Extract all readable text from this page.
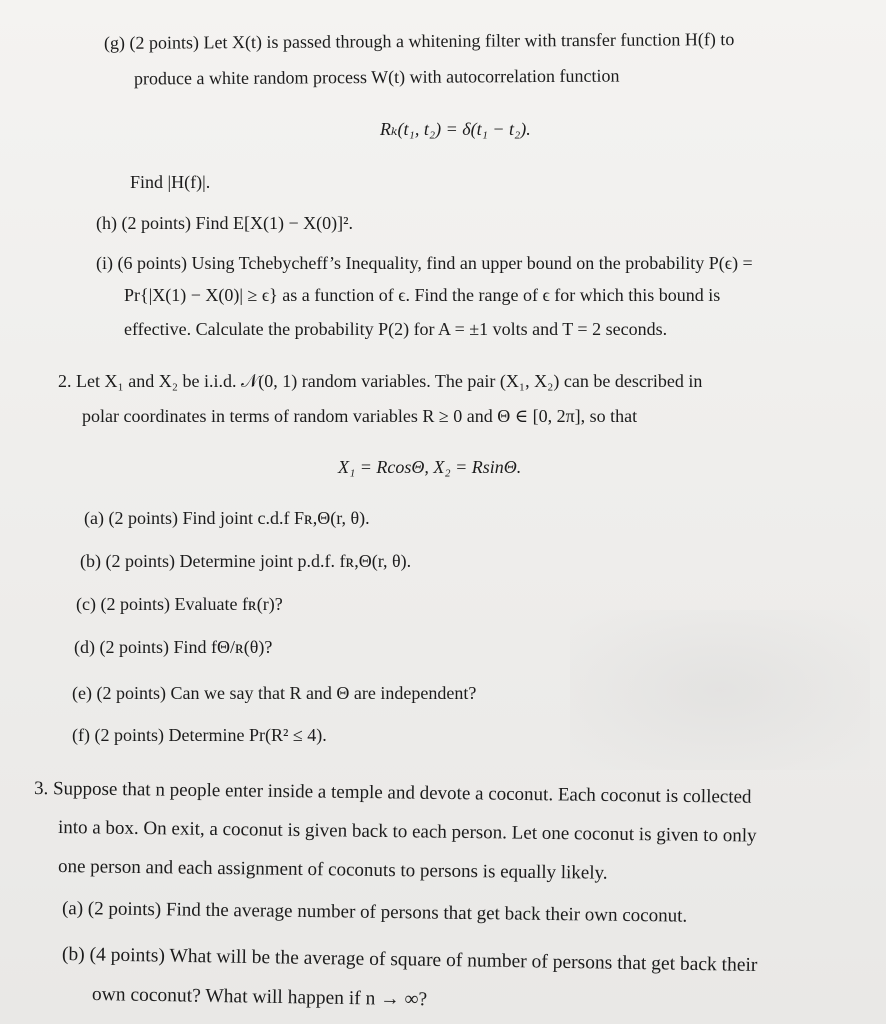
(g) (2 points) Let X(t) is passed through a whitening filter with transfer function H(f) to
produce a white random process W(t) with autocorrelation function
Rₖ(t₁, t₂) = δ(t₁ − t₂).
Find |H(f)|.
(h) (2 points) Find E[X(1) − X(0)]².
(i) (6 points) Using Tchebycheff’s Inequality, find an upper bound on the probability P(ϵ) =
Pr{|X(1) − X(0)| ≥ ϵ} as a function of ϵ. Find the range of ϵ for which this bound is
effective. Calculate the probability P(2) for A = ±1 volts and T = 2 seconds.
2. Let X₁ and X₂ be i.i.d. 𝒩(0, 1) random variables. The pair (X₁, X₂) can be described in
polar coordinates in terms of random variables R ≥ 0 and Θ ∈ [0, 2π], so that
X₁ = RcosΘ, X₂ = RsinΘ.
(a) (2 points) Find joint c.d.f Fʀ,Θ(r, θ).
(b) (2 points) Determine joint p.d.f. fʀ,Θ(r, θ).
(c) (2 points) Evaluate fʀ(r)?
(d) (2 points) Find fΘ/ʀ(θ)?
(e) (2 points) Can we say that R and Θ are independent?
(f) (2 points) Determine Pr(R² ≤ 4).
3. Suppose that n people enter inside a temple and devote a coconut. Each coconut is collected
into a box. On exit, a coconut is given back to each person. Let one coconut is given to only
one person and each assignment of coconuts to persons is equally likely.
(a) (2 points) Find the average number of persons that get back their own coconut.
(b) (4 points) What will be the average of square of number of persons that get back their
own coconut? What will happen if n → ∞?
